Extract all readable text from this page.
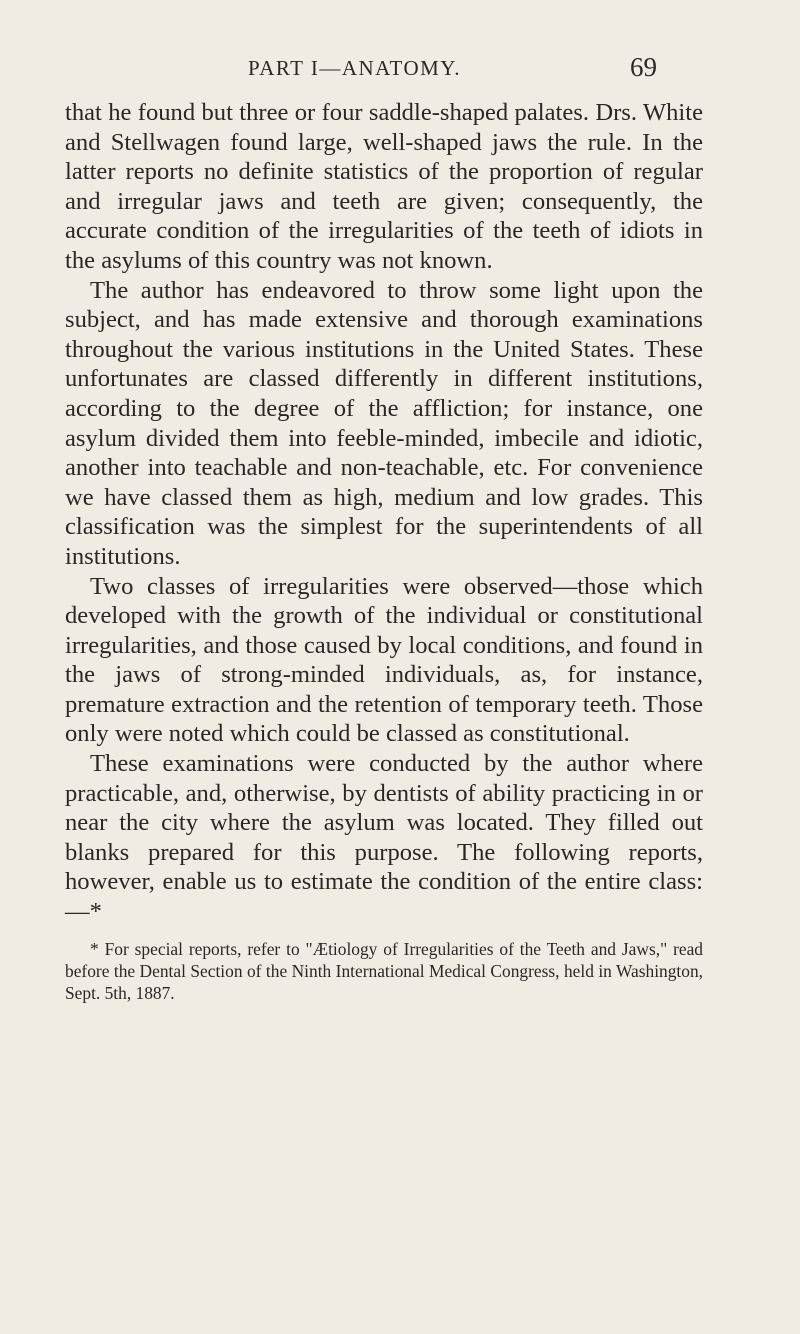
PART I—ANATOMY.	69

that he found but three or four saddle-shaped palates. Drs. White and Stellwagen found large, well-shaped jaws the rule. In the latter reports no definite statistics of the proportion of regular and irregular jaws and teeth are given; consequently, the accurate condition of the irregularities of the teeth of idiots in the asylums of this country was not known.

The author has endeavored to throw some light upon the subject, and has made extensive and thorough examinations throughout the various institutions in the United States. These unfortunates are classed differently in different institutions, according to the degree of the affliction; for instance, one asylum divided them into feeble-minded, imbecile and idiotic, another into teachable and non-teachable, etc. For convenience we have classed them as high, medium and low grades. This classification was the simplest for the superintendents of all institutions.

Two classes of irregularities were observed—those which developed with the growth of the individual or constitutional irregularities, and those caused by local conditions, and found in the jaws of strong-minded individuals, as, for instance, premature extraction and the retention of temporary teeth. Those only were noted which could be classed as constitutional.

These examinations were conducted by the author where practicable, and, otherwise, by dentists of ability practicing in or near the city where the asylum was located. They filled out blanks prepared for this purpose. The following reports, however, enable us to estimate the condition of the entire class:—*

* For special reports, refer to "Ætiology of Irregularities of the Teeth and Jaws," read before the Dental Section of the Ninth International Medical Congress, held in Washington, Sept. 5th, 1887.
